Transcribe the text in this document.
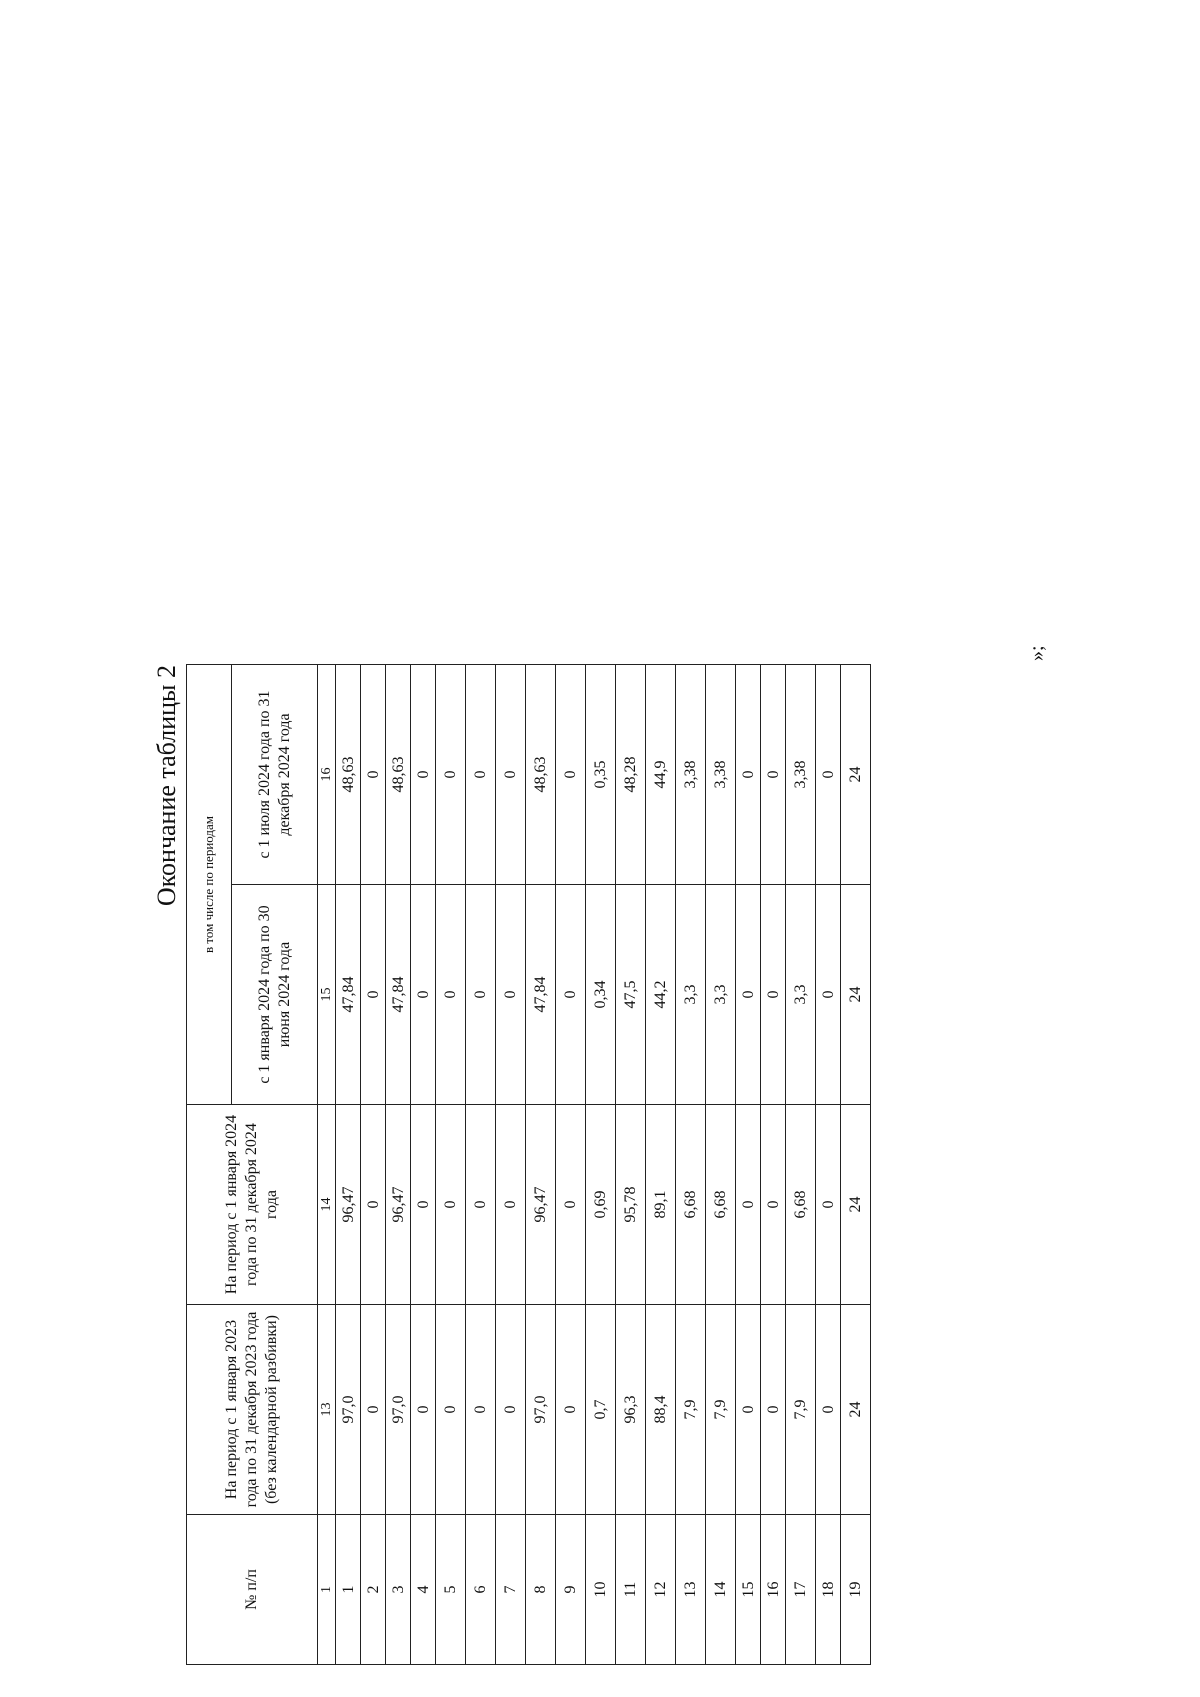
Окончание таблицы 2
№ п/п	На период с 1 января 2023 года по 31 декабря 2023 года (без календарной разбивки)	На период с 1 января 2024 года по 31 декабря 2024 года	в том числе по периодам	
			с 1 января 2024 года по 30 июня 2024 года	с 1 июля 2024 года по 31 декабря 2024 года
1	13	14	15	16
1	97,0	96,47	47,84	48,63
2	0	0	0	0
3	97,0	96,47	47,84	48,63
4	0	0	0	0
5	0	0	0	0
6	0	0	0	0
7	0	0	0	0
8	97,0	96,47	47,84	48,63
9	0	0	0	0
10	0,7	0,69	0,34	0,35
11	96,3	95,78	47,5	48,28
12	88,4	89,1	44,2	44,9
13	7,9	6,68	3,3	3,38
14	7,9	6,68	3,3	3,38
15	0	0	0	0
16	0	0	0	0
17	7,9	6,68	3,3	3,38
18	0	0	0	0
19	24	24	24	24
»;
